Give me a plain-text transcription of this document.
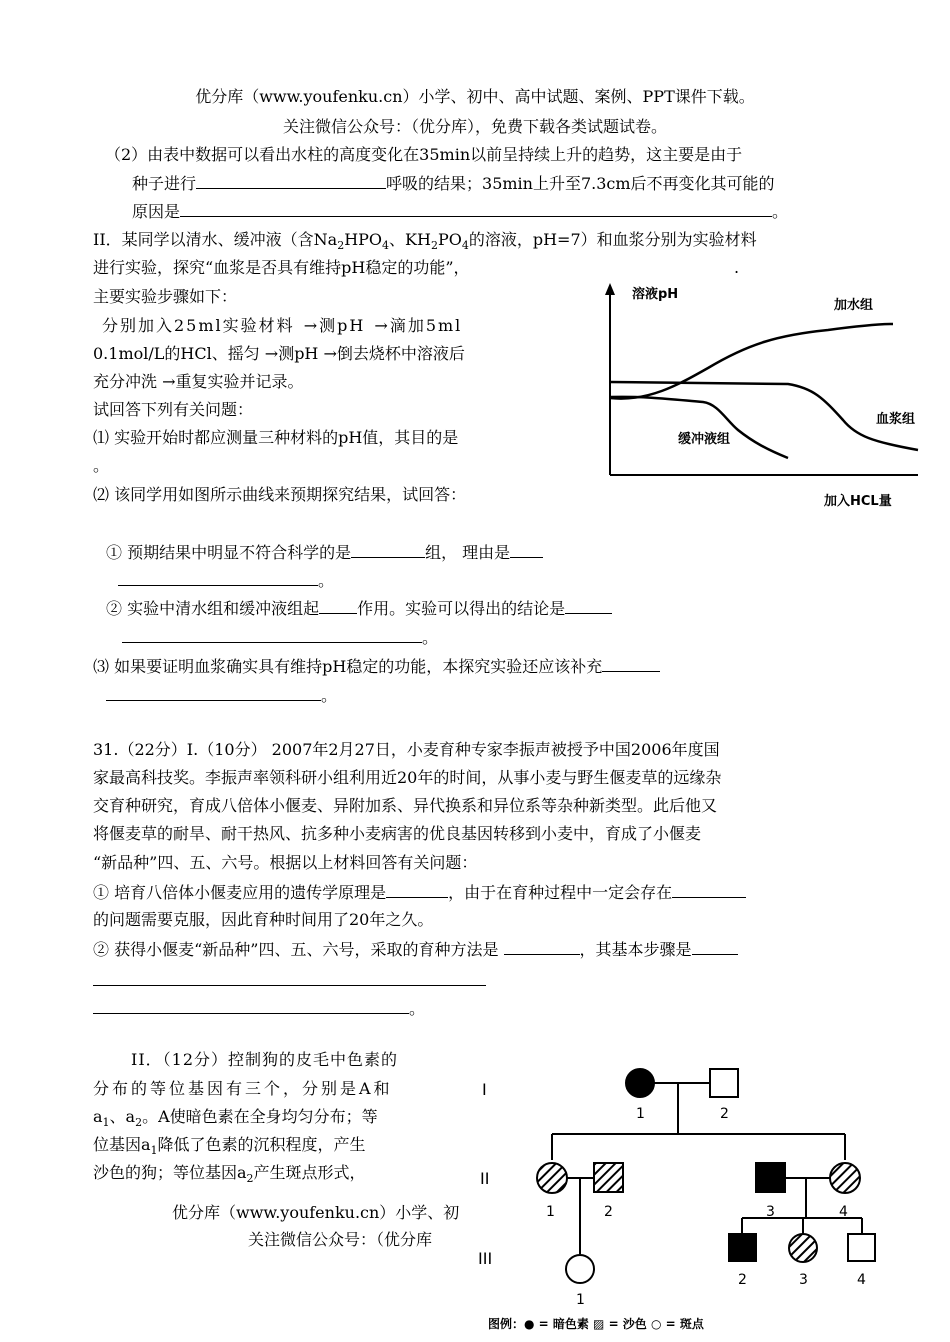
优分库（www.youfenku.cn）小学、初中、高中试题、案例、PPT课件下载。
关注微信公众号：（优分库），免费下载各类试题试卷。
（2）由表中数据可以看出水柱的高度变化在35min以前呈持续上升的趋势，这主要是由于
种子进行	呼吸的结果；35min上升至7.3cm后不再变化其可能的
原因是	。
II．某同学以清水、缓冲液（含$Na_2HPO_4$、$KH_2PO_4$的溶液，pH=7）和血浆分别为实验材料
进行实验，探究“血浆是否具有维持pH稳定的功能”，	.
主要实验步骤如下：
分别加入25ml实验材料 →测pH →滴加5ml
0.1mol/L的HCl、摇匀 →测pH →倒去烧杯中溶液后
充分冲洗 →重复实验并记录。
试回答下列有关问题：
⑴ 实验开始时都应测量三种材料的pH值，其目的是
。
⑵ 该同学用如图所示曲线来预期探究结果，试回答：
① 预期结果中明显不符合科学的是	组， 理由是
。
② 实验中清水组和缓冲液组起 作用。实验可以得出的结论是
。
⑶ 如果要证明血浆确实具有维持pH稳定的功能，本探究实验还应该补充
。
溶液pH
加入HCL量
加水组
血浆组
缓冲液组
31.（22分）Ⅰ.（10分） 2007年2月27日，小麦育种专家李振声被授予中国2006年度国
家最高科技奖。李振声率领科研小组利用近20年的时间，从事小麦与野生偃麦草的远缘杂
交育种研究，育成八倍体小偃麦、异附加系、异代换系和异位系等杂种新类型。此后他又
将偃麦草的耐旱、耐干热风、抗多种小麦病害的优良基因转移到小麦中，育成了小偃麦
“新品种”四、五、六号。根据以上材料回答有关问题：
① 培育八倍体小偃麦应用的遗传学原理是	，由于在育种过程中一定会存在
的问题需要克服，因此育种时间用了20年之久。
② 获得小偃麦“新品种”四、五、六号，采取的育种方法是	，其基本步骤是
。
II．（12分）控制狗的皮毛中色素的
分布的等位基因有三个，分别是A和
$a_1$、$a_2$。A使暗色素在全身均匀分布；等
位基因$a_1$降低了色素的沉积程度，产生
沙色的狗；等位基因$a_2$产生斑点形式，
优分库（www.youfenku.cn）小学、初
关注微信公众号：（优分库
I
II
III
1	2
1	2
1
3	4
2	3	4
图例：● = 暗色素 ▨ = 沙色 ○ = 斑点
